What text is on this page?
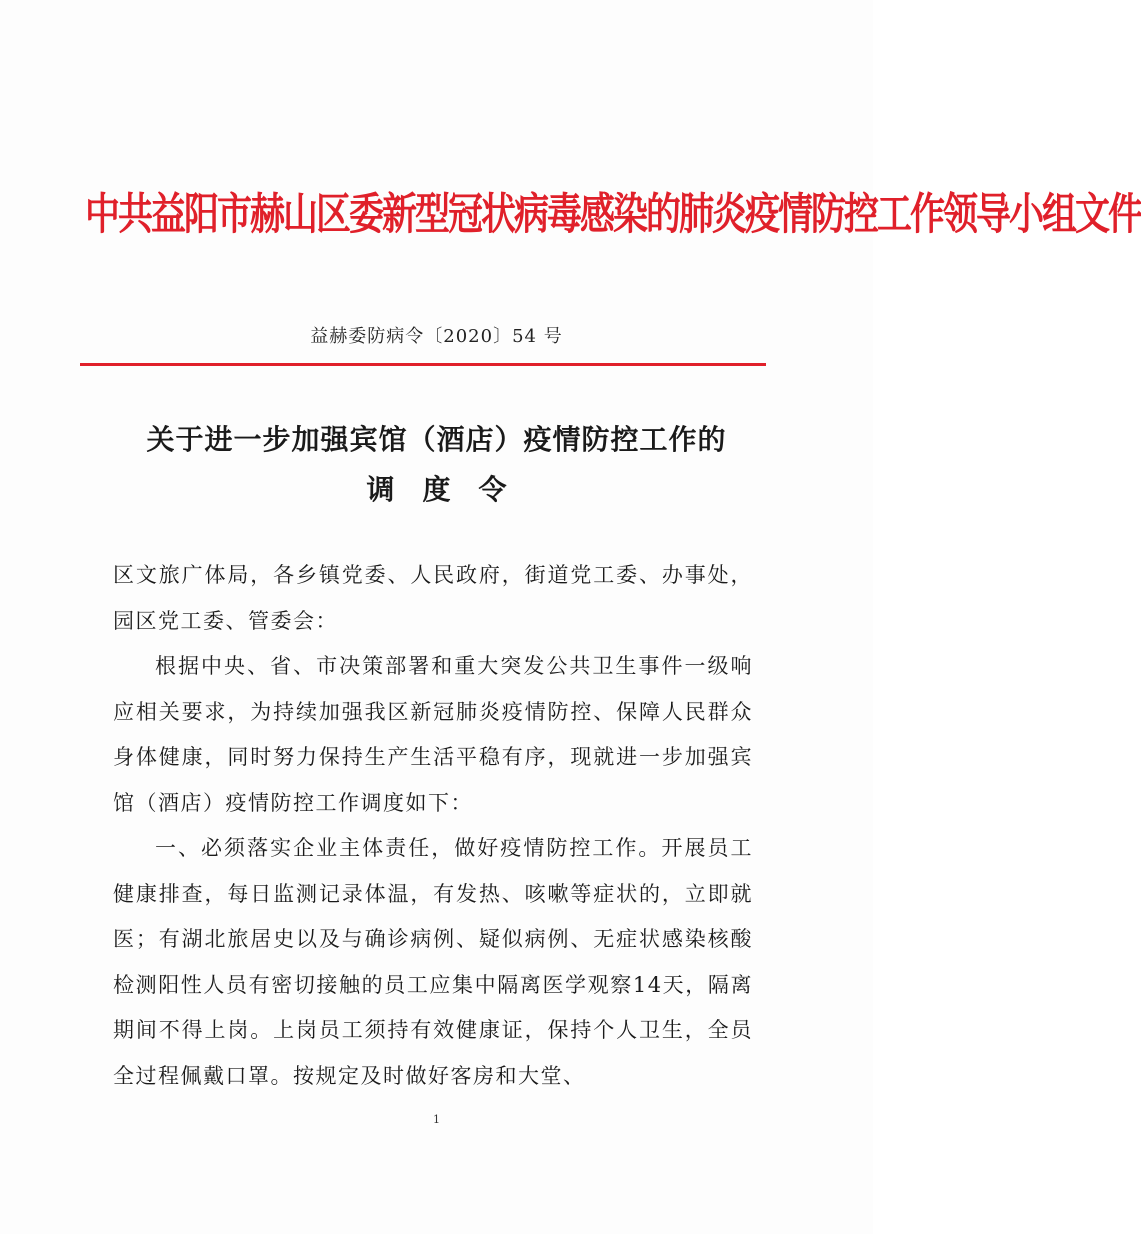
中共益阳市赫山区委新型冠状病毒感染的肺炎疫情防控工作领导小组文件
益赫委防病令〔2020〕54 号
关于进一步加强宾馆（酒店）疫情防控工作的
调度令

区文旅广体局，各乡镇党委、人民政府，街道党工委、办事处，园区党工委、管委会：

根据中央、省、市决策部署和重大突发公共卫生事件一级响应相关要求，为持续加强我区新冠肺炎疫情防控、保障人民群众身体健康，同时努力保持生产生活平稳有序，现就进一步加强宾馆（酒店）疫情防控工作调度如下：

一、必须落实企业主体责任，做好疫情防控工作。开展员工健康排查，每日监测记录体温，有发热、咳嗽等症状的，立即就医；有湖北旅居史以及与确诊病例、疑似病例、无症状感染核酸检测阳性人员有密切接触的员工应集中隔离医学观察14天，隔离期间不得上岗。上岗员工须持有效健康证，保持个人卫生，全员全过程佩戴口罩。按规定及时做好客房和大堂、

1
